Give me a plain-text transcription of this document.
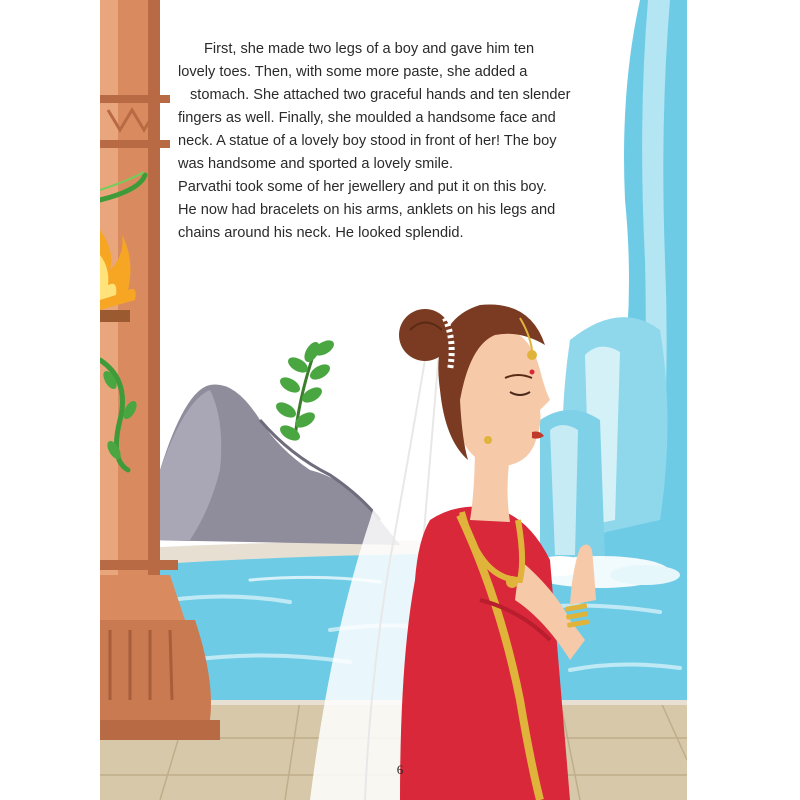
First, she made two legs of a boy and gave him ten
lovely toes. Then, with some more paste, she added a
stomach. She attached two graceful hands and ten slender
fingers as well. Finally, she moulded a handsome face and
neck. A statue of a lovely boy stood in front of her! The boy
was handsome and sported a lovely smile.

Parvathi took some of her jewellery and put it on this boy.
He now had bracelets on his arms, anklets on his legs and
chains around his neck. He looked splendid.

6
